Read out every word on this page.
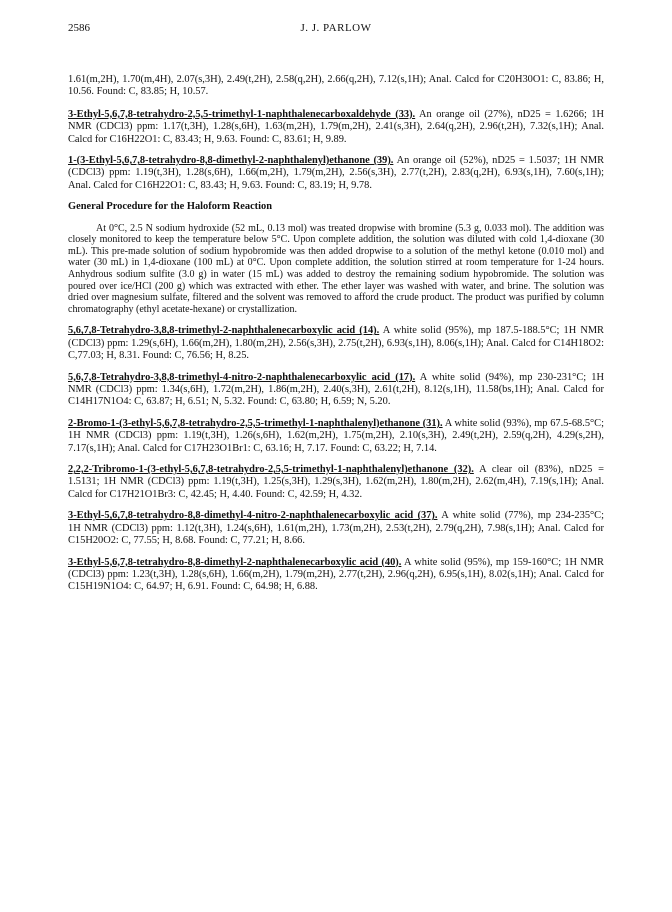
2586	J. J. PARLOW

1.61(m,2H), 1.70(m,4H), 2.07(s,3H), 2.49(t,2H), 2.58(q,2H), 2.66(q,2H), 7.12(s,1H); Anal. Calcd for C20H30O1: C, 83.86; H, 10.56. Found: C, 83.85; H, 10.57.

3-Ethyl-5,6,7,8-tetrahydro-2,5,5-trimethyl-1-naphthalenecarboxaldehyde (33). An orange oil (27%), nD25 = 1.6266; 1H NMR (CDCl3) ppm: 1.17(t,3H), 1.28(s,6H), 1.63(m,2H), 1.79(m,2H), 2.41(s,3H), 2.64(q,2H), 2.96(t,2H), 7.32(s,1H); Anal. Calcd for C16H22O1: C, 83.43; H, 9.63. Found: C, 83.61; H, 9.89.

1-(3-Ethyl-5,6,7,8-tetrahydro-8,8-dimethyl-2-naphthalenyl)ethanone (39). An orange oil (52%), nD25 = 1.5037; 1H NMR (CDCl3) ppm: 1.19(t,3H), 1.28(s,6H), 1.66(m,2H), 1.79(m,2H), 2.56(s,3H), 2.77(t,2H), 2.83(q,2H), 6.93(s,1H), 7.60(s,1H); Anal. Calcd for C16H22O1: C, 83.43; H, 9.63. Found: C, 83.19; H, 9.78.

General Procedure for the Haloform Reaction

At 0°C, 2.5 N sodium hydroxide (52 mL, 0.13 mol) was treated dropwise with bromine (5.3 g, 0.033 mol). The addition was closely monitored to keep the temperature below 5°C. Upon complete addition, the solution was diluted with cold 1,4-dioxane (30 mL). This pre-made solution of sodium hypobromide was then added dropwise to a solution of the methyl ketone (0.010 mol) and water (30 mL) in 1,4-dioxane (100 mL) at 0°C. Upon complete addition, the solution stirred at room temperature for 1-24 hours. Anhydrous sodium sulfite (3.0 g) in water (15 mL) was added to destroy the remaining sodium hypobromide. The solution was poured over ice/HCl (200 g) which was extracted with ether. The ether layer was washed with water, and brine. The solution was dried over magnesium sulfate, filtered and the solvent was removed to afford the crude product. The product was purified by column chromatography (ethyl acetate-hexane) or crystallization.

5,6,7,8-Tetrahydro-3,8,8-trimethyl-2-naphthalenecarboxylic acid (14). A white solid (95%), mp 187.5-188.5°C; 1H NMR (CDCl3) ppm: 1.29(s,6H), 1.66(m,2H), 1.80(m,2H), 2.56(s,3H), 2.75(t,2H), 6.93(s,1H), 8.06(s,1H); Anal. Calcd for C14H18O2: C,77.03; H, 8.31. Found: C, 76.56; H, 8.25.

5,6,7,8-Tetrahydro-3,8,8-trimethyl-4-nitro-2-naphthalenecarboxylic acid (17). A white solid (94%), mp 230-231°C; 1H NMR (CDCl3) ppm: 1.34(s,6H), 1.72(m,2H), 1.86(m,2H), 2.40(s,3H), 2.61(t,2H), 8.12(s,1H), 11.58(bs,1H); Anal. Calcd for C14H17N1O4: C, 63.87; H, 6.51; N, 5.32. Found: C, 63.80; H, 6.59; N, 5.20.

2-Bromo-1-(3-ethyl-5,6,7,8-tetrahydro-2,5,5-trimethyl-1-naphthalenyl)ethanone (31). A white solid (93%), mp 67.5-68.5°C; 1H NMR (CDCl3) ppm: 1.19(t,3H), 1.26(s,6H), 1.62(m,2H), 1.75(m,2H), 2.10(s,3H), 2.49(t,2H), 2.59(q,2H), 4.29(s,2H), 7.17(s,1H); Anal. Calcd for C17H23O1Br1: C, 63.16; H, 7.17. Found: C, 63.22; H, 7.14.

2,2,2-Tribromo-1-(3-ethyl-5,6,7,8-tetrahydro-2,5,5-trimethyl-1-naphthalenyl)ethanone (32). A clear oil (83%), nD25 = 1.5131; 1H NMR (CDCl3) ppm: 1.19(t,3H), 1.25(s,3H), 1.29(s,3H), 1.62(m,2H), 1.80(m,2H), 2.62(m,4H), 7.19(s,1H); Anal. Calcd for C17H21O1Br3: C, 42.45; H, 4.40. Found: C, 42.59; H, 4.32.

3-Ethyl-5,6,7,8-tetrahydro-8,8-dimethyl-4-nitro-2-naphthalenecarboxylic acid (37). A white solid (77%), mp 234-235°C; 1H NMR (CDCl3) ppm: 1.12(t,3H), 1.24(s,6H), 1.61(m,2H), 1.73(m,2H), 2.53(t,2H), 2.79(q,2H), 7.98(s,1H); Anal. Calcd for C15H20O2: C, 77.55; H, 8.68. Found: C, 77.21; H, 8.66.

3-Ethyl-5,6,7,8-tetrahydro-8,8-dimethyl-2-naphthalenecarboxylic acid (40). A white solid (95%), mp 159-160°C; 1H NMR (CDCl3) ppm: 1.23(t,3H), 1.28(s,6H), 1.66(m,2H), 1.79(m,2H), 2.77(t,2H), 2.96(q,2H), 6.95(s,1H), 8.02(s,1H); Anal. Calcd for C15H19N1O4: C, 64.97; H, 6.91. Found: C, 64.98; H, 6.88.
